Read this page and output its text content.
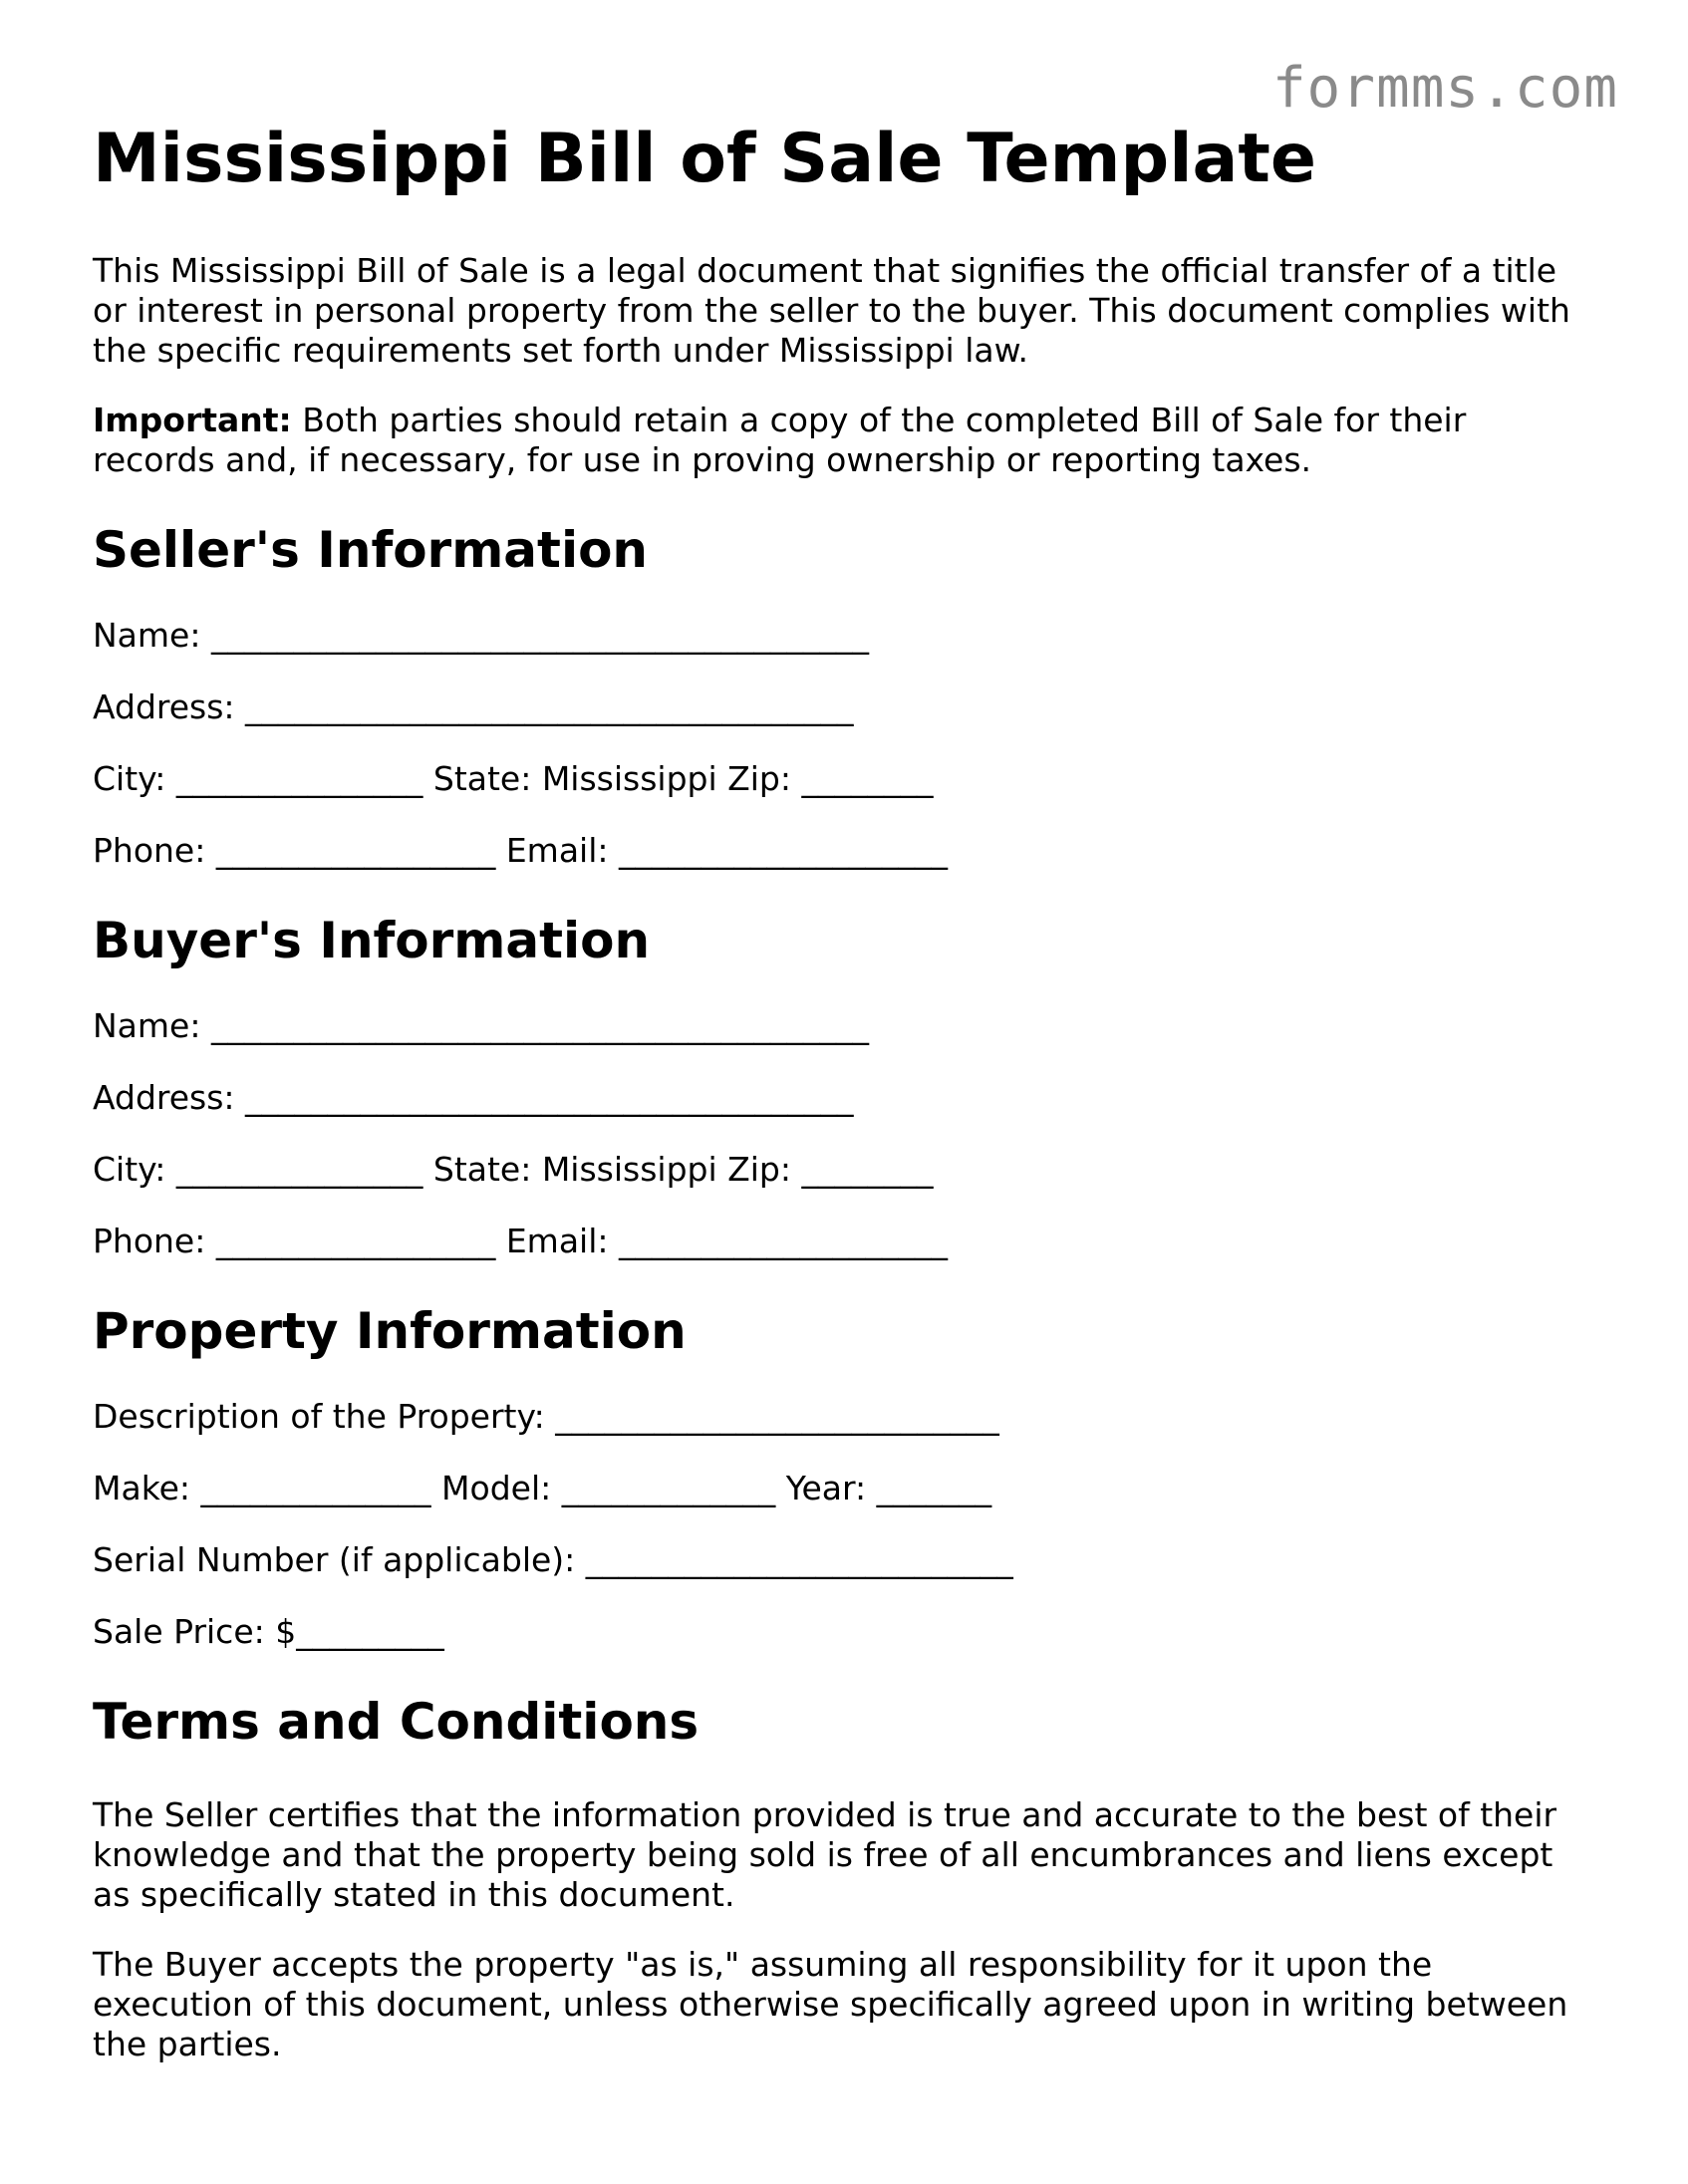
formms.com
Mississippi Bill of Sale Template

This Mississippi Bill of Sale is a legal document that signifies the official transfer of a title or interest in personal property from the seller to the buyer. This document complies with the specific requirements set forth under Mississippi law.

Important: Both parties should retain a copy of the completed Bill of Sale for their records and, if necessary, for use in proving ownership or reporting taxes.

Seller's Information
Name: ________________________________________
Address: _____________________________________
City: _______________ State: Mississippi Zip: ________
Phone: _________________ Email: ____________________
Buyer's Information
Name: ________________________________________
Address: _____________________________________
City: _______________ State: Mississippi Zip: ________
Phone: _________________ Email: ____________________
Property Information
Description of the Property: ___________________________
Make: ______________ Model: _____________ Year: _______
Serial Number (if applicable): __________________________
Sale Price: $_________
Terms and Conditions

The Seller certifies that the information provided is true and accurate to the best of their knowledge and that the property being sold is free of all encumbrances and liens except as specifically stated in this document.

The Buyer accepts the property "as is," assuming all responsibility for it upon the execution of this document, unless otherwise specifically agreed upon in writing between the parties.
